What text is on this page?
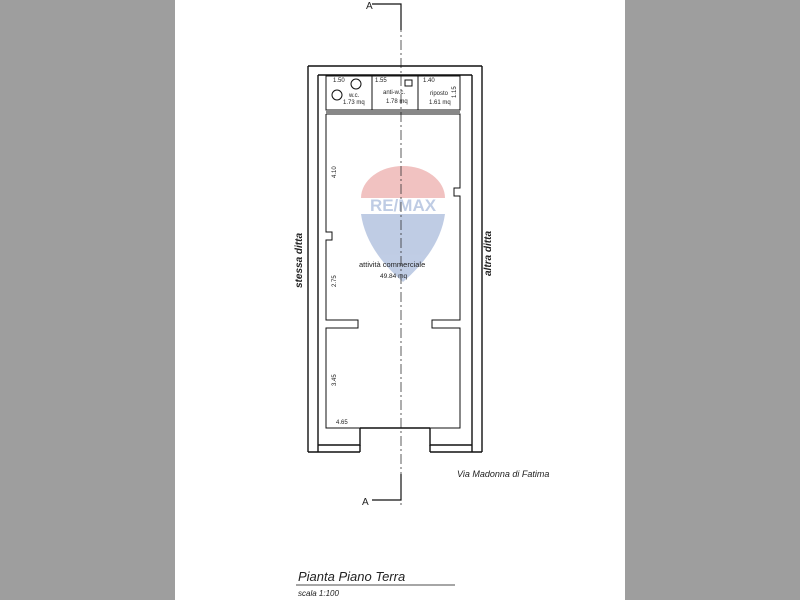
RE/MAX
A
A
1.50
w.c.
1.73 mq
1.55
anti-w.c.
1.78 mq
1.40
riposto
1.61 mq
1.15
attività commerciale
49.84 mq
4.10
2.75
3.45
4.65
stessa ditta	altra ditta
Via Madonna di Fatima
Pianta Piano Terra
scala 1:100
